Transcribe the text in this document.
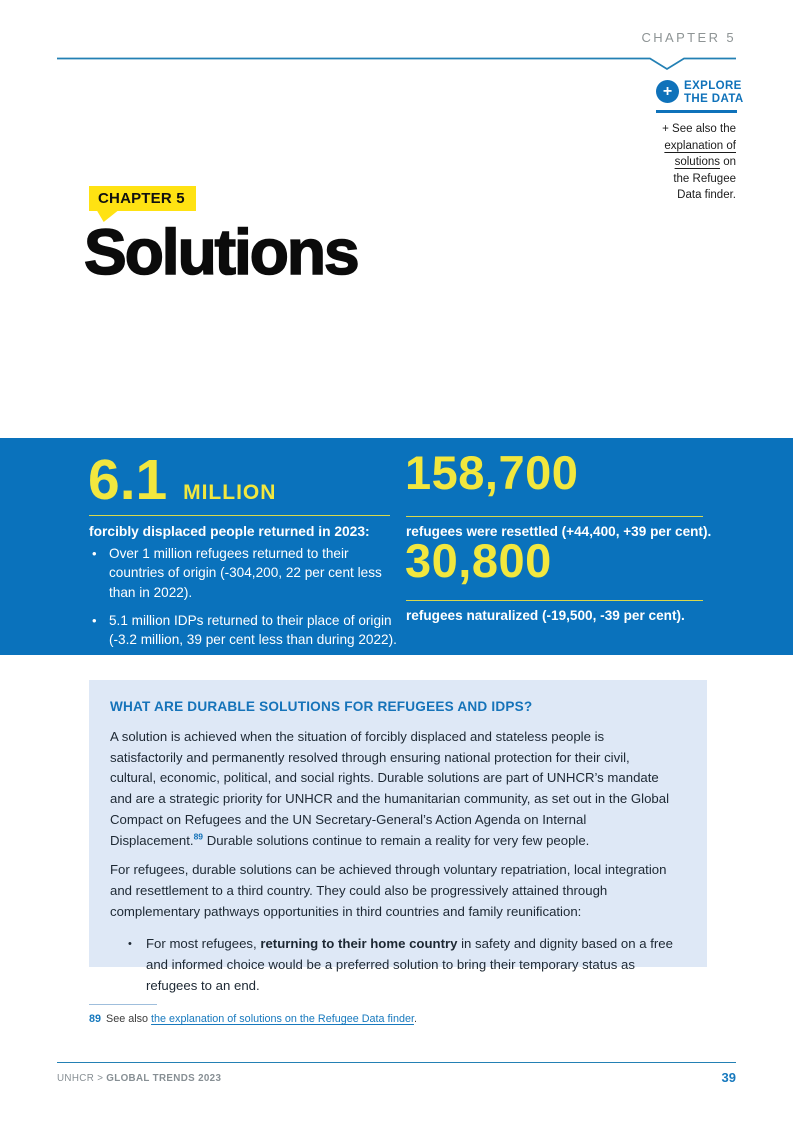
CHAPTER 5
+ EXPLORE
THE DATA
+ See also the
explanation of
solutions on
the Refugee
Data finder.
CHAPTER 5
Solutions
6.1 MILLION
forcibly displaced people returned in 2023:
• Over 1 million refugees returned to their countries of origin (-304,200, 22 per cent less than in 2022).
• 5.1 million IDPs returned to their place of origin (-3.2 million, 39 per cent less than during 2022).
158,700
refugees were resettled (+44,400, +39 per cent).
30,800
refugees naturalized (-19,500, -39 per cent).
WHAT ARE DURABLE SOLUTIONS FOR REFUGEES AND IDPS?

A solution is achieved when the situation of forcibly displaced and stateless people is satisfactorily and permanently resolved through ensuring national protection for their civil, cultural, economic, political, and social rights. Durable solutions are part of UNHCR’s mandate and are a strategic priority for UNHCR and the humanitarian community, as set out in the Global Compact on Refugees and the UN Secretary-General’s Action Agenda on Internal Displacement.$^{89}$ Durable solutions continue to remain a reality for very few people.

For refugees, durable solutions can be achieved through voluntary repatriation, local integration and resettlement to a third country. They could also be progressively attained through complementary pathways opportunities in third countries and family reunification:

• For most refugees, returning to their home country in safety and dignity based on a free and informed choice would be a preferred solution to bring their temporary status as refugees to an end.
89 See also the explanation of solutions on the Refugee Data finder.
UNHCR > GLOBAL TRENDS 2023	39
